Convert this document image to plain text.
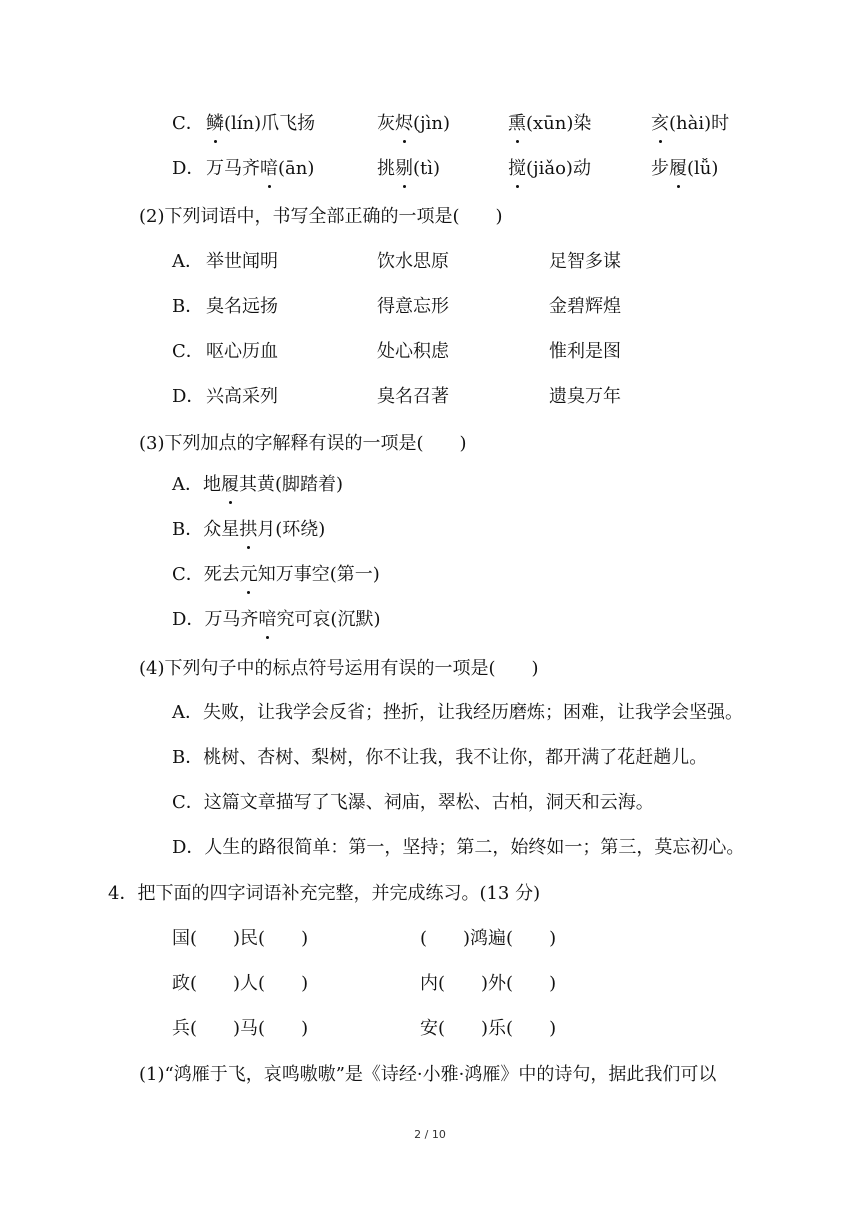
C． 鳞(lín)爪飞扬	灰烬(jìn)	熏(xūn)染	亥(hài)时
D． 万马齐喑(ān)	挑剔(tì)	搅(jiǎo)动	步履(lǚ)
(2)下列词语中，书写全部正确的一项是(　　)
A． 举世闻明	饮水思原	足智多谋
B． 臭名远扬	得意忘形	金碧辉煌
C． 呕心历血	处心积虑	惟利是图
D． 兴高采列	臭名召著	遗臭万年
(3)下列加点的字解释有误的一项是(　　)
A．地履其黄(脚踏着)
B．众星拱月(环绕)
C．死去元知万事空(第一)
D．万马齐喑究可哀(沉默)
(4)下列句子中的标点符号运用有误的一项是(　　)
A．失败，让我学会反省；挫折，让我经历磨炼；困难，让我学会坚强。
B．桃树、杏树、梨树，你不让我，我不让你，都开满了花赶趟儿。
C．这篇文章描写了飞瀑、祠庙，翠松、古柏，洞天和云海。
D．人生的路很简单：第一，坚持；第二，始终如一；第三，莫忘初心。
4．把下面的四字词语补充完整，并完成练习。(13 分)
国(　　)民(　　)	(　　)鸿遍(　　)
政(　　)人(　　)	内(　　)外(　　)
兵(　　)马(　　)	安(　　)乐(　　)
(1)“鸿雁于飞，哀鸣嗷嗷”是《诗经·小雅·鸿雁》中的诗句，据此我们可以
2 / 10
